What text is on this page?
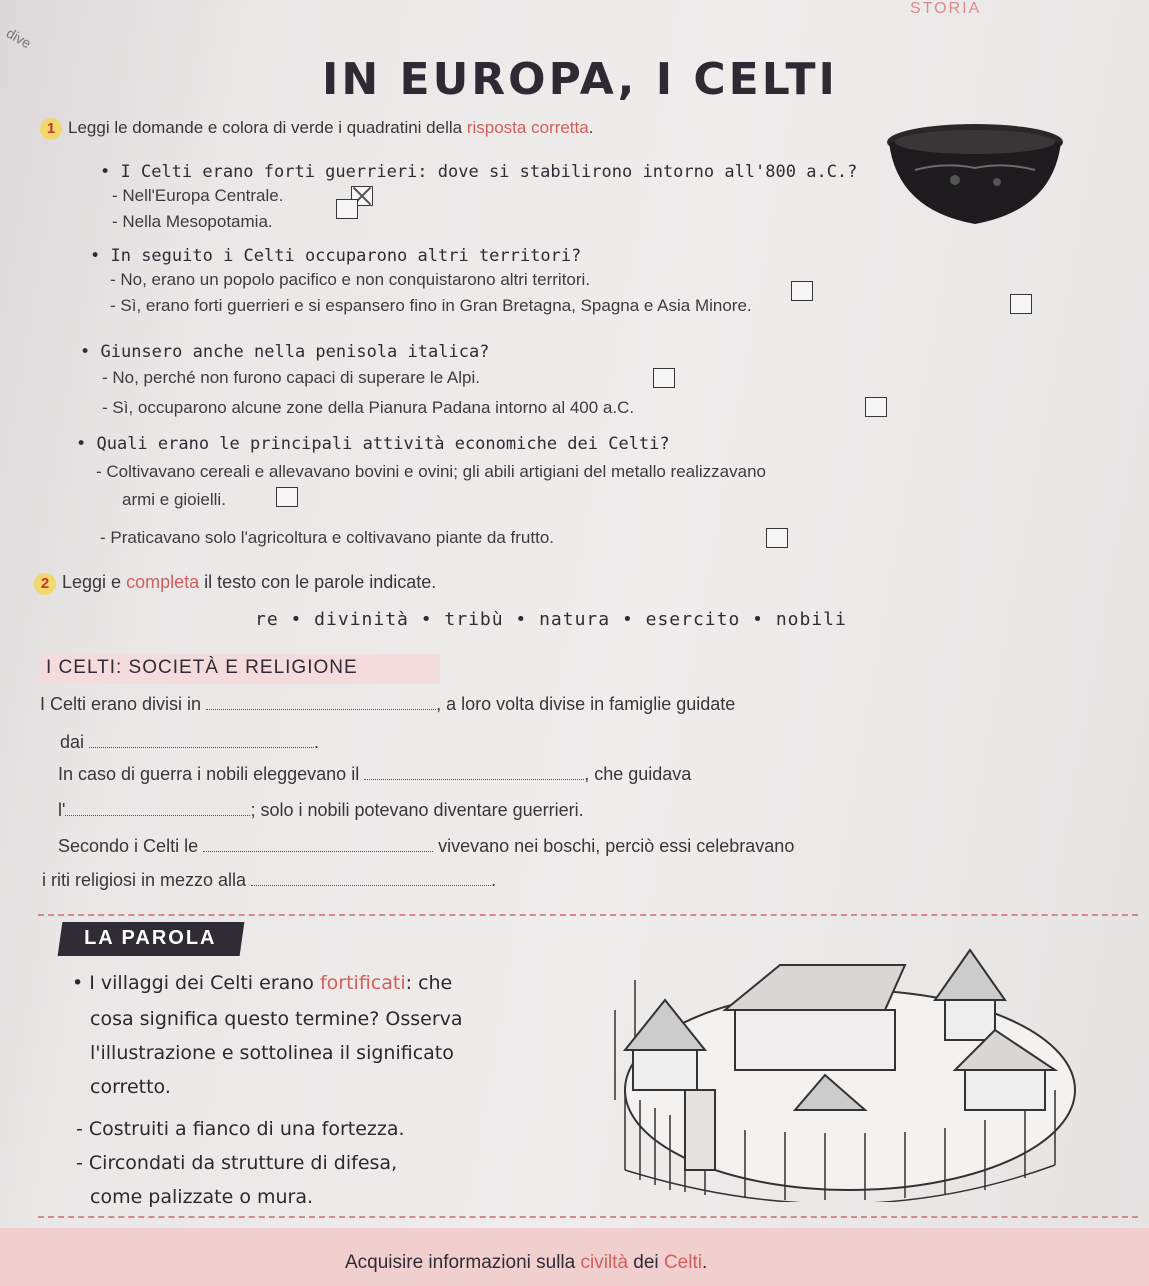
STORIA
dive
IN EUROPA, I CELTI
1 Leggi le domande e colora di verde i quadratini della risposta corretta.
• I Celti erano forti guerrieri: dove si stabilirono intorno all'800 a.C.?
- Nell'Europa Centrale.
- Nella Mesopotamia.
• In seguito i Celti occuparono altri territori?
- No, erano un popolo pacifico e non conquistarono altri territori.
- Sì, erano forti guerrieri e si espansero fino in Gran Bretagna, Spagna e Asia Minore.
• Giunsero anche nella penisola italica?
- No, perché non furono capaci di superare le Alpi.
- Sì, occuparono alcune zone della Pianura Padana intorno al 400 a.C.
• Quali erano le principali attività economiche dei Celti?
- Coltivavano cereali e allevavano bovini e ovini; gli abili artigiani del metallo realizzavano
armi e gioielli.
- Praticavano solo l'agricoltura e coltivavano piante da frutto.
2 Leggi e completa il testo con le parole indicate.
re • divinità • tribù • natura • esercito • nobili
I CELTI: SOCIETÀ E RELIGIONE
I Celti erano divisi in	, a loro volta divise in famiglie guidate
dai	.
In caso di guerra i nobili eleggevano il	, che guidava
l'	; solo i nobili potevano diventare guerrieri.
Secondo i Celti le	vivevano nei boschi, perciò essi celebravano
i riti religiosi in mezzo alla	.
LA PAROLA
• I villaggi dei Celti erano fortificati: che
cosa significa questo termine? Osserva
l'illustrazione e sottolinea il significato
corretto.
- Costruiti a fianco di una fortezza.
- Circondati da strutture di difesa,
come palizzate o mura.
Acquisire informazioni sulla civiltà dei Celti.
